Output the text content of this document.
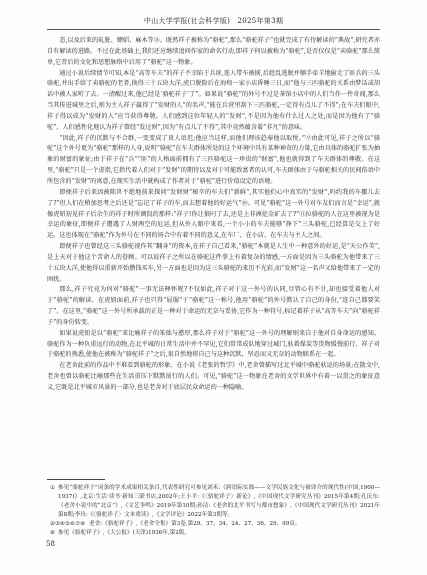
中山大学学报(社会科学版)　2025年第3期

态,以及后来的轧脏、嫖娼、麻木等⑧。既然祥子被称为“骆驼”,那么“骆驼祥子”也就完成了有待解读的“典故”,研究者亦自有解读的进路。不过在此基础上,我们还应继续追问作家的命名行动,即祥子何以被称为“骆驼”,是否仅仅是“卖骆驼”那么简单,它背后的文化和思想脉络中启用了“骆驼”这一物象。

通过小说后续情节可知,本是“高等车夫”的祥子不幸陷于兵匪,连人带车被掳,后趁乱逃脱并顺手牵羊地偷走了匪兵的三头骆驼,并出手给了卖骆驼的老者,换得三十五块大洋,虎口脱险后在海甸一家小店昏睡三日,而“他与三匹骆驼的关系由梦话或胡话中被人家听了去。一清醒过来,他已经是‘骆驼祥子’了”。如果说“骆驼”的外号不过是茶馆小店中的人们当作一件奇闻,那么当其传进城里之后,则为主人祥子赢得了“发财的人”的名声,“能在兵营里刮下三匹骆驼,一定得有点儿了不得”;在车夫们眼中,祥子得以成为“发财的人”应当获得尊敬。人们感到这位年轻人的“发财”,不是因为他有什么过人之处,而是因为他有了“骆驼”。人们感性化地认为祥子曾经“发过财”,因为“有点儿了不得”,其中竟然蕴含着“非凡”的意味。

“因此,祥子的沉默与不合群,一变变成了贵人语迟;他应当这样,而他们理该趋奉他以取悦。”⑨由此可见,祥子之所以“骆驼”这个外号更为“骆驼”那样的人身,说明“骆驼”在车夫群体所处的这个环境中具有某种神奇的力量,它由具体的骆驼扩张为抽象的财富的象征;由于祥子在“兵”“匪”的人格面前拥有了三匹骆驼这一珍贵的“财富”,他也就得到了车夫群体的尊敬。在这里,“骆驼”只是一个虚指,它指代着人们对于“发财”的期待以及对于可能致富者的认可,车夫群体由于与骆驼相关的民间俗语中所包含的“发财”的寓意,在现实生活中就构成了作者对于“骆驼”进行价值设定的语境。

即便祥子后来因被陈世不绝地前来探问“发财财”秘辛的车夫们“新鲜”,其实他们心中真实的“发财”,吗约我的车挪儿去了?”但人们在稍加思考之后还是“忘记了祥子的车,而去想着他的好运气”⑩。可见“骆驼”这一外号对车友们而言是“幸运”,就像虎妞初见祥子后余生的祥子时所调侃的那样:“祥子!你让狼叼了去,还是上非洲挖金矿去了?”⑪拉骆驼的人在这里被视为是幸运的象征,即便祥子遭遇了人财两空的厄运,但从外人眼中来看,一个小小的车夫能够“挣下”三头骆驼,已经算是交上了好运。这也体现在“骆驼”作为外号在不同的场合中有着不同的意义,在车厂、在小店、在车夫与主人之间。

即便祥子也曾经这三头骆驼视作其“翻身”的资本,在祥子自己看来,“骆驼”本就是人生中一种意外的好运,是“天公作美”,是上天对于他这个苦命人的眷顾。可以说祥子之所以在骆驼这件事上有着复杂的情感,一方面是因为三头骆驼为他带来了三十五块大洋,使他得以重新开始攒钱买车,另一方面也是因为这三头骆驼的来历不光彩,而“发财”这一名声又给他带来了一定的困扰。

那么,祥子究竟为何对“骆驼”一事无法释怀呢?不仅如此,祥子对于这一外号的认同,尽管心有不甘,却也接受着他人对于“骆驼”的解读。在虎妞面前,祥子也只得“屈服”于“骆驼”这一称号,他用“骆驼”的外号默认了自己的身份,“连自己都要笑了”。在这里,“骆驼”这一外号所承载的正是一种对于命运的无奈与妥协,它作为一种符号,标记着祥子从“高等车夫”向“骆驼祥子”的身份转变。

如果说虎妞是以“骆驼”来比喻祥子的笨拙与憨厚,那么祥子对于“骆驼”这一外号的理解则来自于他对自身命运的感知。骆驼作为一种负重远行的动物,在北平城的日常生活中并不罕见,它们常常成队地穿过城门,驮着煤炭等货物缓慢前行。祥子对于骆驼的熟悉,使他在被称为“骆驼祥子”之后,很自然地将自己与这种沉默、坚忍而又无奈的动物联系在一起。

在老舍此前的作品中不难看到骆驼的形象。在小说《老张的哲学》中,老舍曾描写过北平城中骆驼驮运的场景;在散文中,老舍也曾以骆驼比喻那些在生活重压下默默前行的人们。可见,“骆驼”这一物象在老舍的文学世界中有着一以贯之的象征意义,它既是北平城市风景的一部分,也是老舍对于底层民众命运的一种隐喻。

① 参见“骆驼祥子”词条的学术成果相关条目,代表性研究可参见刘禾:《跨语际实践——文学民族文化与被译介的现代性(中国,1900—1937)》,北京:生活·读书·新知三联书店,2002年;王小平:《〈骆驼祥子〉新论》,《中国现代文学研究丛刊》2015年第4期;孔庆东:《老舍小说中的“北京”》,《文艺争鸣》2019年第10期;孙洁:《老舍的北平书写与都市想象》,《中国现代文学研究丛刊》2021年第8期;李玲:《〈骆驼祥子〉文本重读》,《文学评论》2022年第3期等。
②③④⑤⑥⑦⑨ 老舍:《骆驼祥子》,《老舍全集》第3卷,第29、37、34、24、27、36、29、99页。
⑧ 参见《骆驼祥子》,《大公报》(天津)1936年,第2版。
58
